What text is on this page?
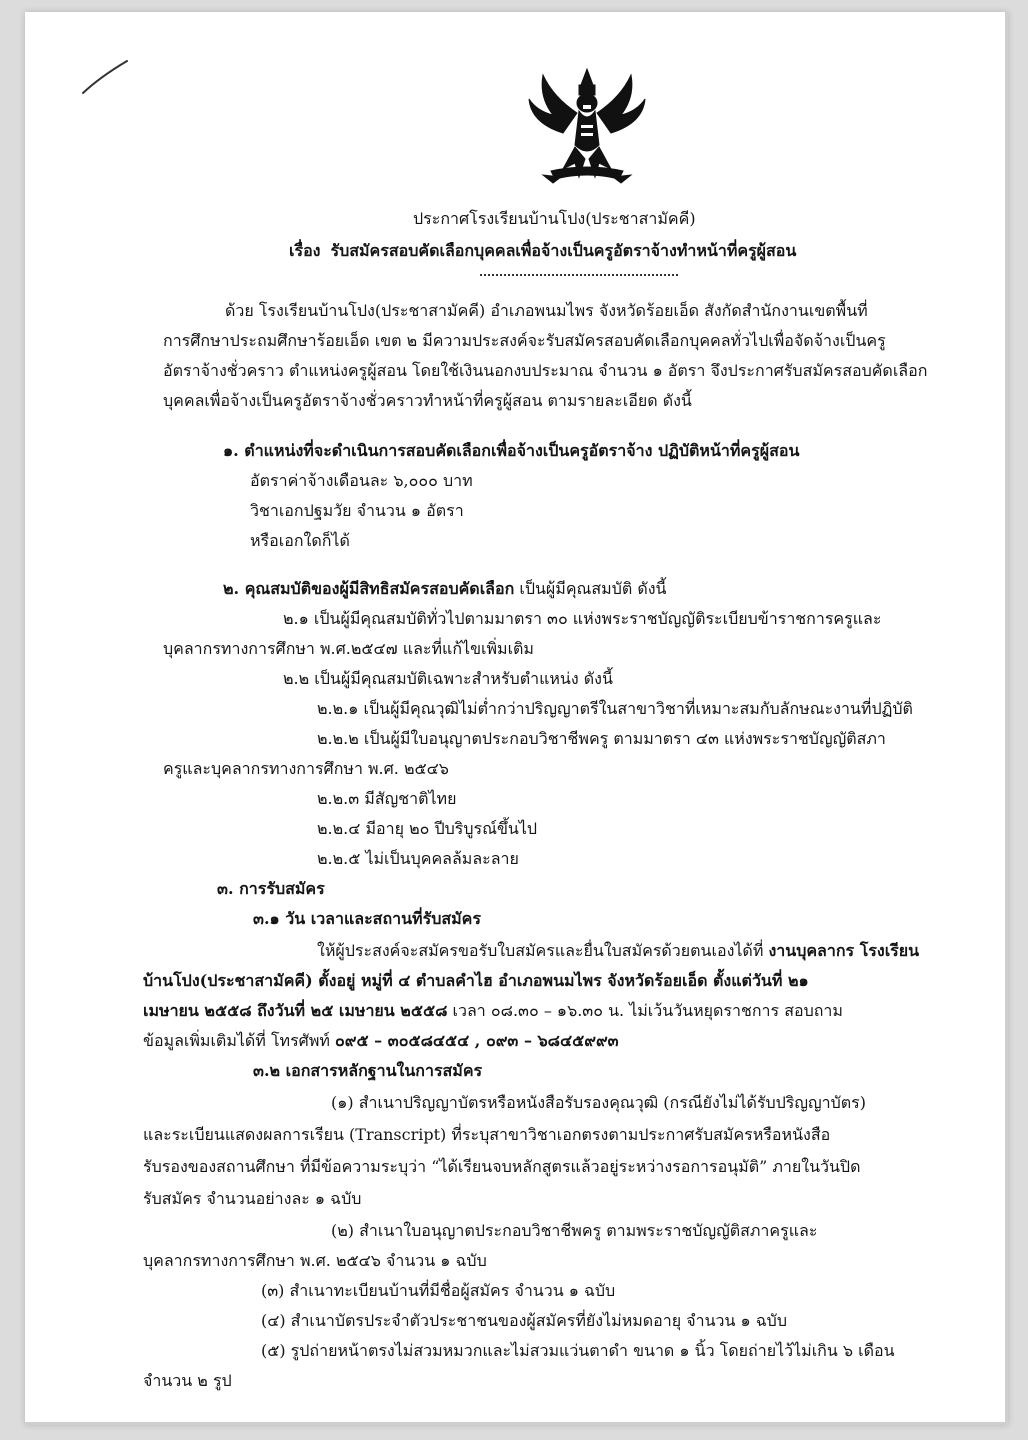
ประกาศโรงเรียนบ้านโปง(ประชาสามัคคี)
เรื่อง รับสมัครสอบคัดเลือกบุคคลเพื่อจ้างเป็นครูอัตราจ้างทำหน้าที่ครูผู้สอน
ด้วย โรงเรียนบ้านโปง(ประชาสามัคคี) อำเภอพนมไพร จังหวัดร้อยเอ็ด สังกัดสำนักงานเขตพื้นที่
การศึกษาประถมศึกษาร้อยเอ็ด เขต ๒ มีความประสงค์จะรับสมัครสอบคัดเลือกบุคคลทั่วไปเพื่อจัดจ้างเป็นครู
อัตราจ้างชั่วคราว ตำแหน่งครูผู้สอน โดยใช้เงินนอกงบประมาณ จำนวน ๑ อัตรา จึงประกาศรับสมัครสอบคัดเลือก
บุคคลเพื่อจ้างเป็นครูอัตราจ้างชั่วคราวทำหน้าที่ครูผู้สอน ตามรายละเอียด ดังนี้
๑. ตำแหน่งที่จะดำเนินการสอบคัดเลือกเพื่อจ้างเป็นครูอัตราจ้าง ปฏิบัติหน้าที่ครูผู้สอน
อัตราค่าจ้างเดือนละ ๖,๐๐๐ บาท
วิชาเอกปฐมวัย จำนวน ๑ อัตรา
หรือเอกใดก็ได้
๒. คุณสมบัติของผู้มีสิทธิสมัครสอบคัดเลือก เป็นผู้มีคุณสมบัติ ดังนี้
๒.๑ เป็นผู้มีคุณสมบัติทั่วไปตามมาตรา ๓๐ แห่งพระราชบัญญัติระเบียบข้าราชการครูและ
บุคลากรทางการศึกษา พ.ศ.๒๕๔๗ และที่แก้ไขเพิ่มเติม
๒.๒ เป็นผู้มีคุณสมบัติเฉพาะสำหรับตำแหน่ง ดังนี้
๒.๒.๑ เป็นผู้มีคุณวุฒิไม่ต่ำกว่าปริญญาตรีในสาขาวิชาที่เหมาะสมกับลักษณะงานที่ปฏิบัติ
๒.๒.๒ เป็นผู้มีใบอนุญาตประกอบวิชาชีพครู ตามมาตรา ๔๓ แห่งพระราชบัญญัติสภา
ครูและบุคลากรทางการศึกษา พ.ศ. ๒๕๔๖
๒.๒.๓ มีสัญชาติไทย
๒.๒.๔ มีอายุ ๒๐ ปีบริบูรณ์ขึ้นไป
๒.๒.๕ ไม่เป็นบุคคลล้มละลาย
๓. การรับสมัคร
๓.๑ วัน เวลาและสถานที่รับสมัคร
ให้ผู้ประสงค์จะสมัครขอรับใบสมัครและยื่นใบสมัครด้วยตนเองได้ที่ งานบุคลากร โรงเรียน
บ้านโปง(ประชาสามัคคี) ตั้งอยู่ หมู่ที่ ๔ ตำบลคำไฮ อำเภอพนมไพร จังหวัดร้อยเอ็ด ตั้งแต่วันที่ ๒๑
เมษายน ๒๕๕๘ ถึงวันที่ ๒๕ เมษายน ๒๕๕๘ เวลา ๐๘.๓๐ – ๑๖.๓๐ น. ไม่เว้นวันหยุดราชการ สอบถาม
ข้อมูลเพิ่มเติมได้ที่ โทรศัพท์ ๐๙๕ – ๓๐๕๘๔๕๔ , ๐๙๓ – ๖๘๔๕๙๙๓
๓.๒ เอกสารหลักฐานในการสมัคร
(๑) สำเนาปริญญาบัตรหรือหนังสือรับรองคุณวุฒิ (กรณียังไม่ได้รับปริญญาบัตร)
และระเบียนแสดงผลการเรียน (Transcript) ที่ระบุสาขาวิชาเอกตรงตามประกาศรับสมัครหรือหนังสือ
รับรองของสถานศึกษา ที่มีข้อความระบุว่า “ได้เรียนจบหลักสูตรแล้วอยู่ระหว่างรอการอนุมัติ” ภายในวันปิด
รับสมัคร จำนวนอย่างละ ๑ ฉบับ
(๒) สำเนาใบอนุญาตประกอบวิชาชีพครู ตามพระราชบัญญัติสภาครูและ
บุคลากรทางการศึกษา พ.ศ. ๒๕๔๖ จำนวน ๑ ฉบับ
(๓) สำเนาทะเบียนบ้านที่มีชื่อผู้สมัคร จำนวน ๑ ฉบับ
(๔) สำเนาบัตรประจำตัวประชาชนของผู้สมัครที่ยังไม่หมดอายุ จำนวน ๑ ฉบับ
(๕) รูปถ่ายหน้าตรงไม่สวมหมวกและไม่สวมแว่นตาดำ ขนาด ๑ นิ้ว โดยถ่ายไว้ไม่เกิน ๖ เดือน
จำนวน ๒ รูป
